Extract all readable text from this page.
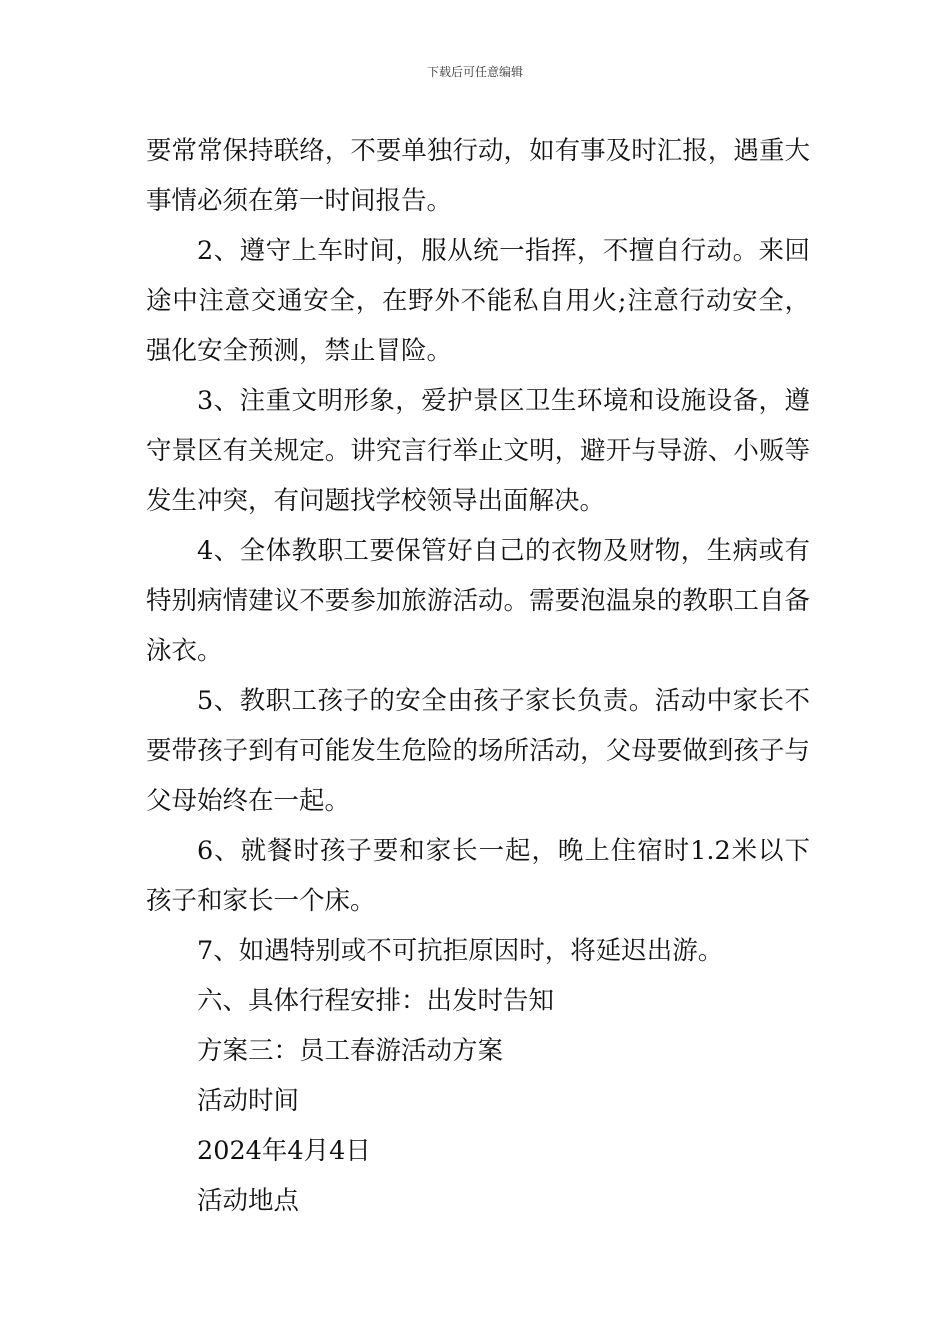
下载后可任意编辑

要常常保持联络，不要单独行动，如有事及时汇报，遇重大事情必须在第一时间报告。

2、遵守上车时间，服从统一指挥，不擅自行动。来回途中注意交通安全，在野外不能私自用火;注意行动安全，强化安全预测，禁止冒险。

3、注重文明形象，爱护景区卫生环境和设施设备，遵守景区有关规定。讲究言行举止文明，避开与导游、小贩等发生冲突，有问题找学校领导出面解决。

4、全体教职工要保管好自己的衣物及财物，生病或有特别病情建议不要参加旅游活动。需要泡温泉的教职工自备泳衣。

5、教职工孩子的安全由孩子家长负责。活动中家长不要带孩子到有可能发生危险的场所活动，父母要做到孩子与父母始终在一起。

6、就餐时孩子要和家长一起，晚上住宿时1.2米以下孩子和家长一个床。

7、如遇特别或不可抗拒原因时，将延迟出游。

六、具体行程安排：出发时告知

方案三：员工春游活动方案

活动时间

2024年4月4日

活动地点
